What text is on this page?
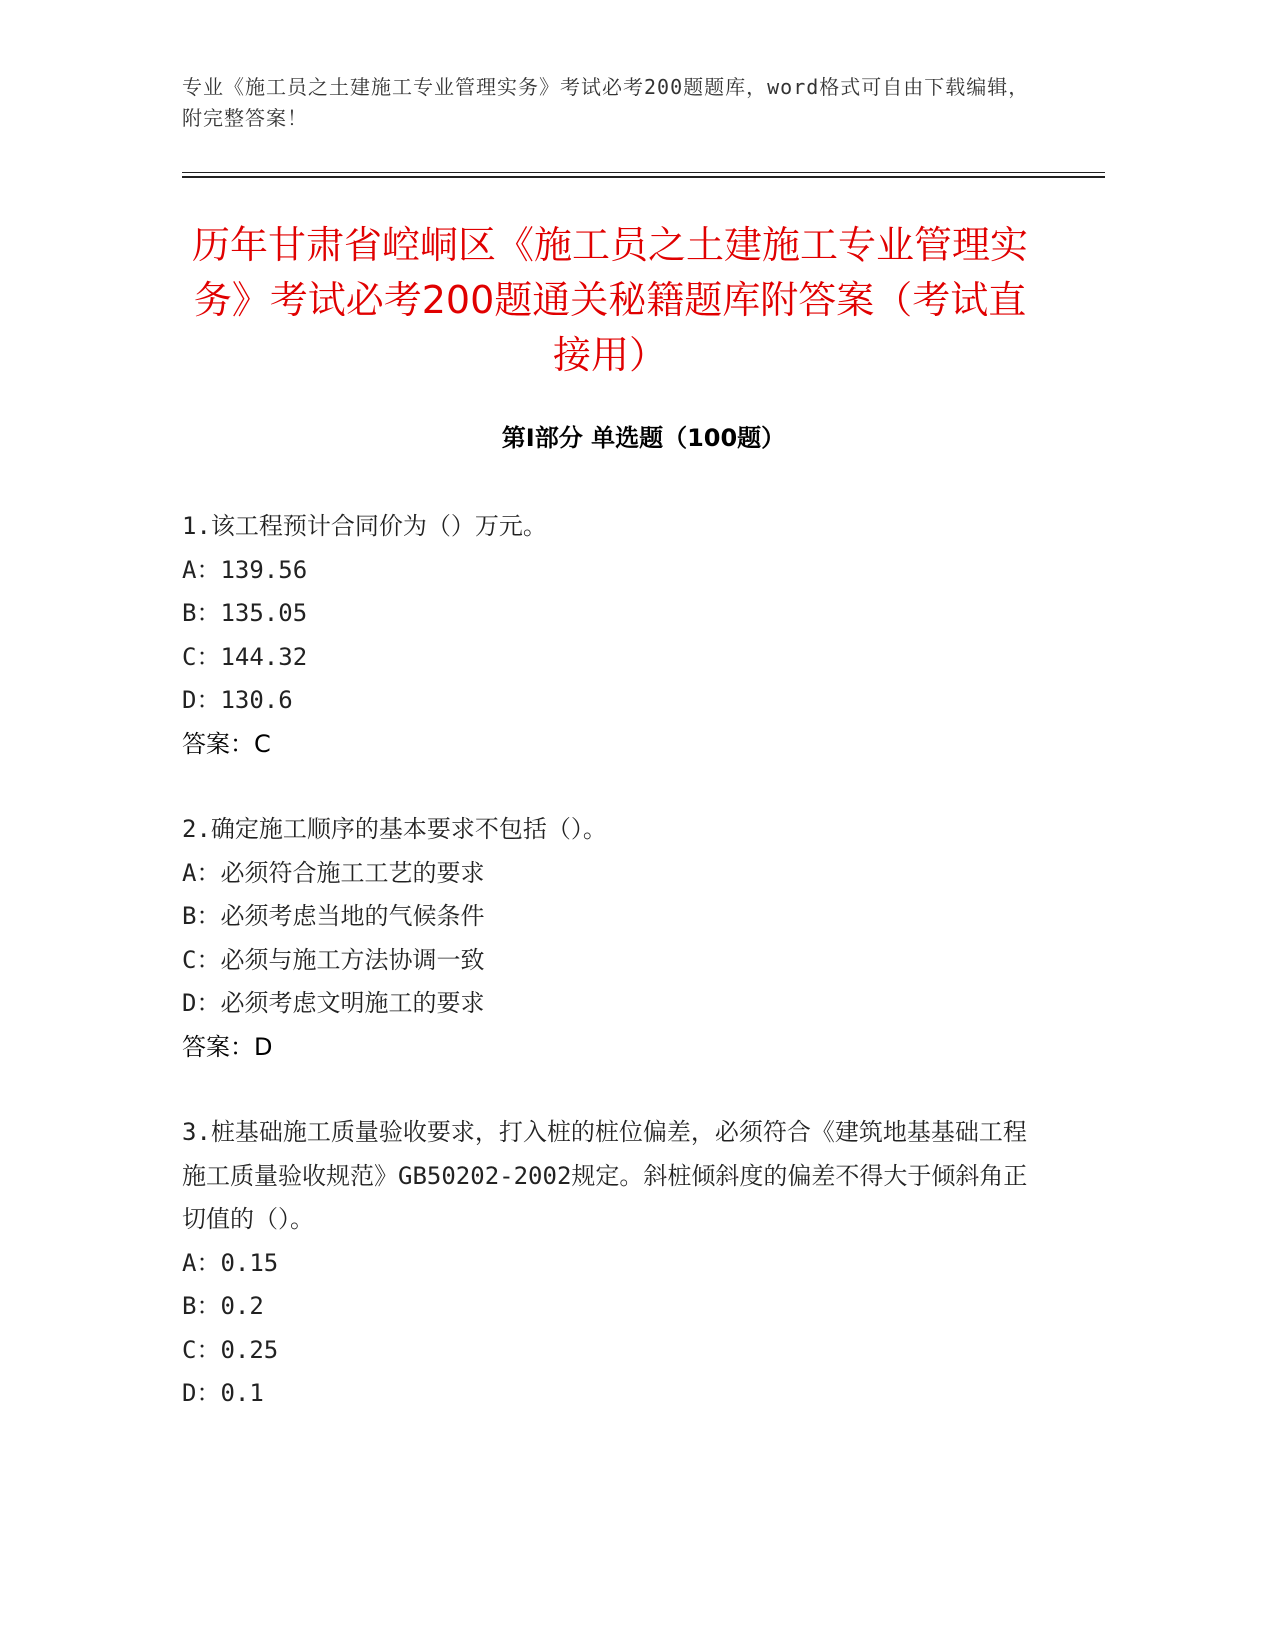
专业《施工员之土建施工专业管理实务》考试必考200题题库，word格式可自由下载编辑，附完整答案！
历年甘肃省崆峒区《施工员之土建施工专业管理实务》考试必考200题通关秘籍题库附答案（考试直接用）
第I部分 单选题（100题）

1.该工程预计合同价为（）万元。

A：139.56

B：135.05

C：144.32

D：130.6

答案：C

2.确定施工顺序的基本要求不包括（）。

A：必须符合施工工艺的要求

B：必须考虑当地的气候条件

C：必须与施工方法协调一致

D：必须考虑文明施工的要求

答案：D

3.桩基础施工质量验收要求，打入桩的桩位偏差，必须符合《建筑地基基础工程施工质量验收规范》GB50202-2002规定。斜桩倾斜度的偏差不得大于倾斜角正切值的（）。

A：0.15

B：0.2

C：0.25

D：0.1
